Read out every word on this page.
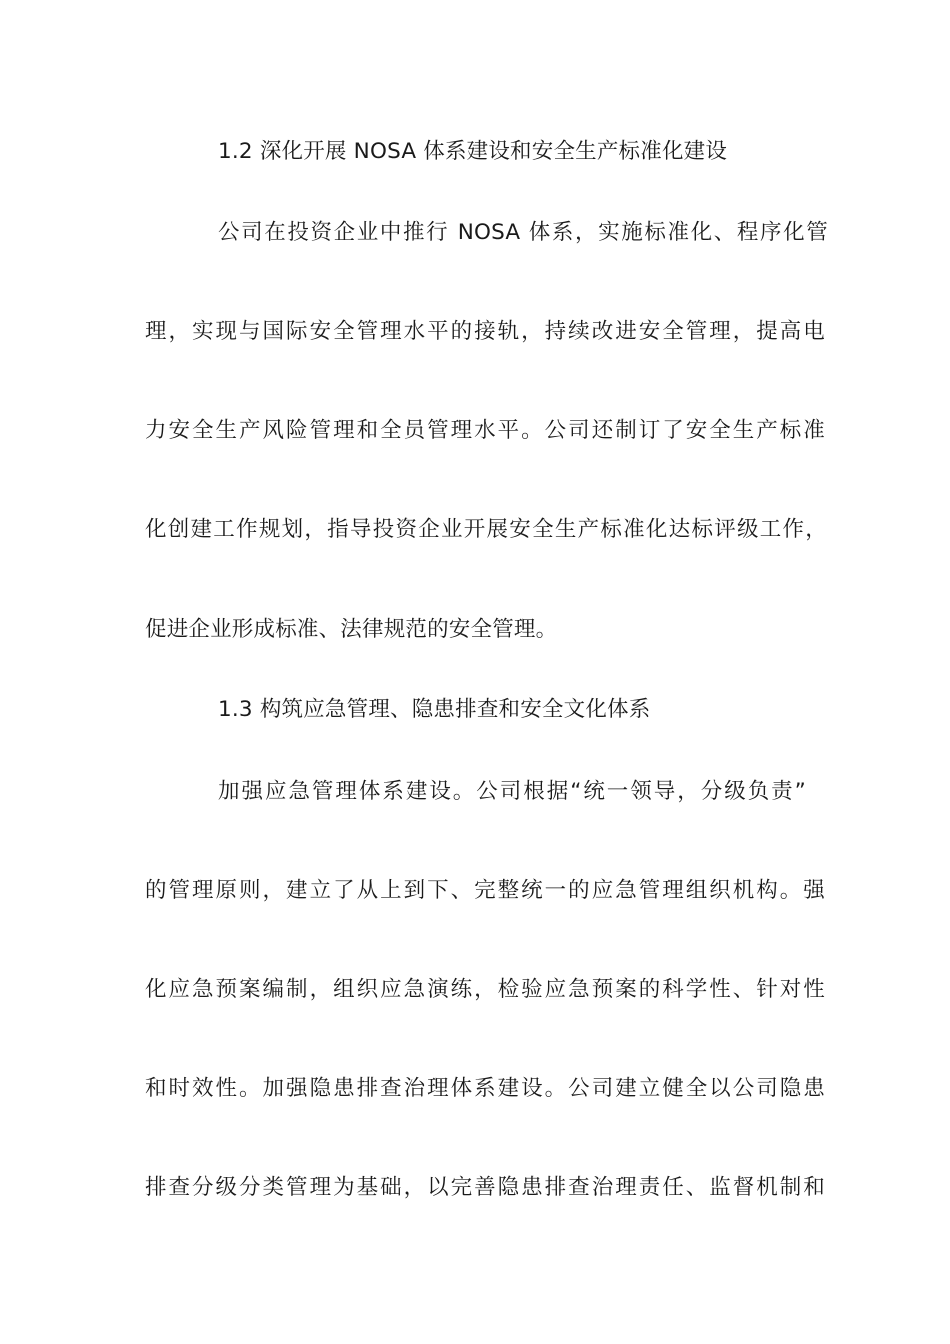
1.2 深化开展 NOSA 体系建设和安全生产标准化建设
公司在投资企业中推行 NOSA 体系，实施标准化、程序化管
理，实现与国际安全管理水平的接轨，持续改进安全管理，提高电
力安全生产风险管理和全员管理水平。公司还制订了安全生产标准
化创建工作规划，指导投资企业开展安全生产标准化达标评级工作，
促进企业形成标准、法律规范的安全管理。
1.3 构筑应急管理、隐患排查和安全文化体系
加强应急管理体系建设。公司根据“统一领导，分级负责”
的管理原则，建立了从上到下、完整统一的应急管理组织机构。强
化应急预案编制，组织应急演练，检验应急预案的科学性、针对性
和时效性。加强隐患排查治理体系建设。公司建立健全以公司隐患
排查分级分类管理为基础，以完善隐患排查治理责任、监督机制和
